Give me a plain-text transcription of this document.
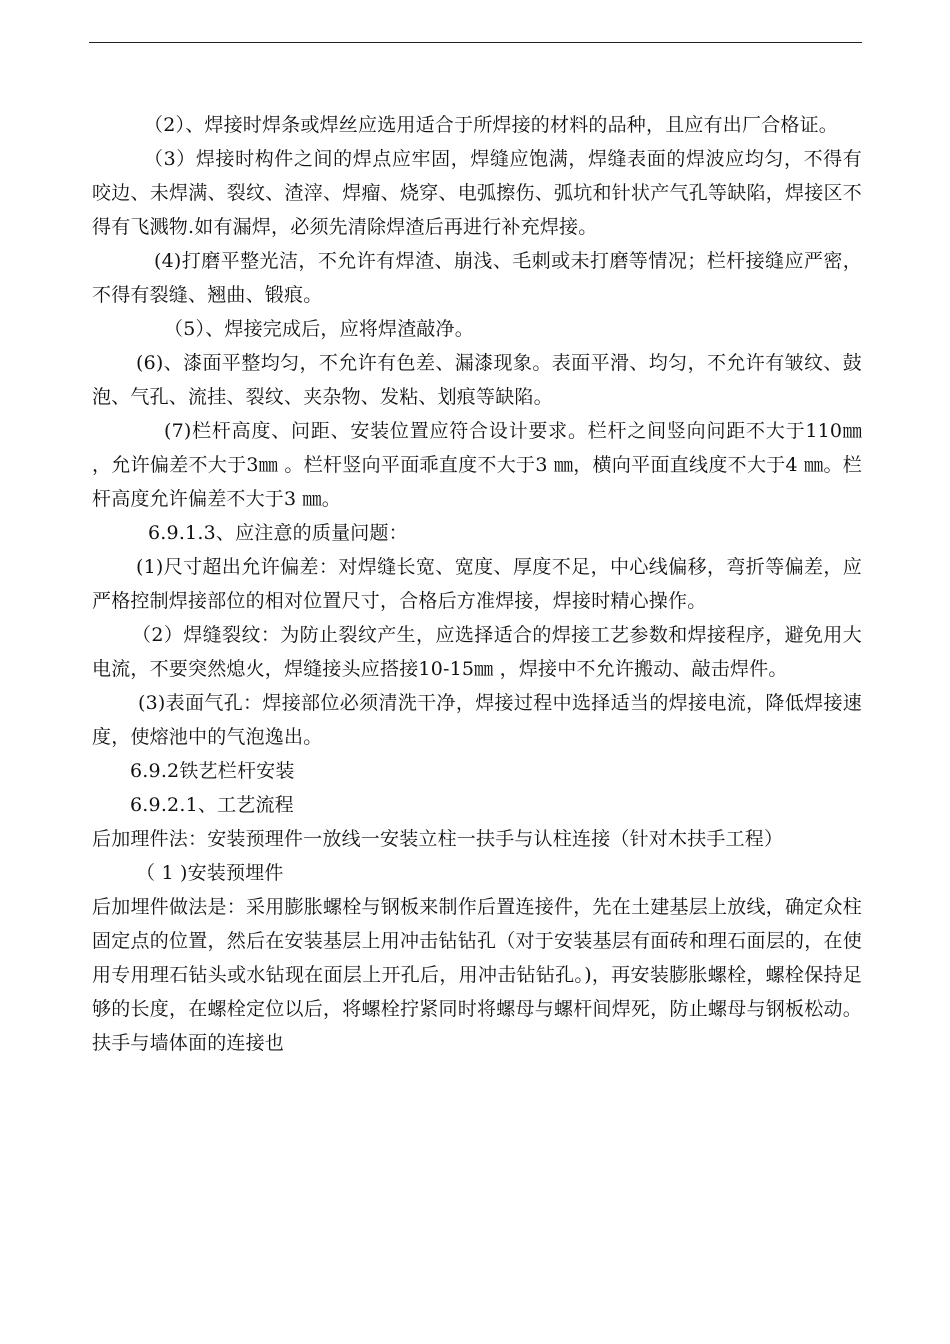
（2）、焊接时焊条或焊丝应选用适合于所焊接的材料的品种，且应有出厂合格证。

（3）焊接时构件之间的焊点应牢固，焊缝应饱满，焊缝表面的焊波应均匀，不得有咬边、未焊满、裂纹、渣滓、焊瘤、烧穿、电弧擦伤、弧坑和针状产气孔等缺陷，焊接区不得有飞溅物.如有漏焊，必须先清除焊渣后再进行补充焊接。

(4)打磨平整光洁，不允许有焊渣、崩浅、毛刺或未打磨等情况；栏杆接缝应严密，不得有裂缝、翘曲、锻痕。

（5）、焊接完成后，应将焊渣敲净。

(6)、漆面平整均匀，不允许有色差、漏漆现象。表面平滑、均匀，不允许有皱纹、鼓泡、气孔、流挂、裂纹、夹杂物、发粘、划痕等缺陷。

(7)栏杆高度、问距、安装位置应符合设计要求。栏杆之间竖向问距不大于110㎜ ，允许偏差不大于3㎜ 。栏杆竖向平面乖直度不大于3 ㎜，横向平面直线度不大于4 ㎜。栏杆高度允许偏差不大于3 ㎜。

6.9.1.3、应注意的质量问题：

(1)尺寸超出允许偏差：对焊缝长宽、宽度、厚度不足，中心线偏移，弯折等偏差，应严格控制焊接部位的相对位置尺寸，合格后方准焊接，焊接时精心操作。

（2）焊缝裂纹：为防止裂纹产生，应选择适合的焊接工艺参数和焊接程序，避免用大电流，不要突然熄火，焊缝接头应搭接10-15㎜ ，焊接中不允许搬动、敲击焊件。

(3)表面气孔：焊接部位必须清洗干净，焊接过程中选择适当的焊接电流，降低焊接速度，使熔池中的气泡逸出。

6.9.2铁艺栏杆安装

6.9.2.1、工艺流程

后加理件法：安装预理件一放线一安装立柱一扶手与认柱连接（针对木扶手工程）

（ 1 )安装预埋件

后加埋件做法是：采用膨胀螺栓与钢板来制作后置连接件，先在土建基层上放线，确定众柱固定点的位置，然后在安装基层上用冲击钻钻孔（对于安装基层有面砖和理石面层的，在使用专用理石钻头或水钻现在面层上开孔后，用冲击钻钻孔。)，再安装膨胀螺栓，螺栓保持足够的长度，在螺栓定位以后，将螺栓拧紧同时将螺母与螺杆间焊死，防止螺母与钢板松动。扶手与墙体面的连接也
